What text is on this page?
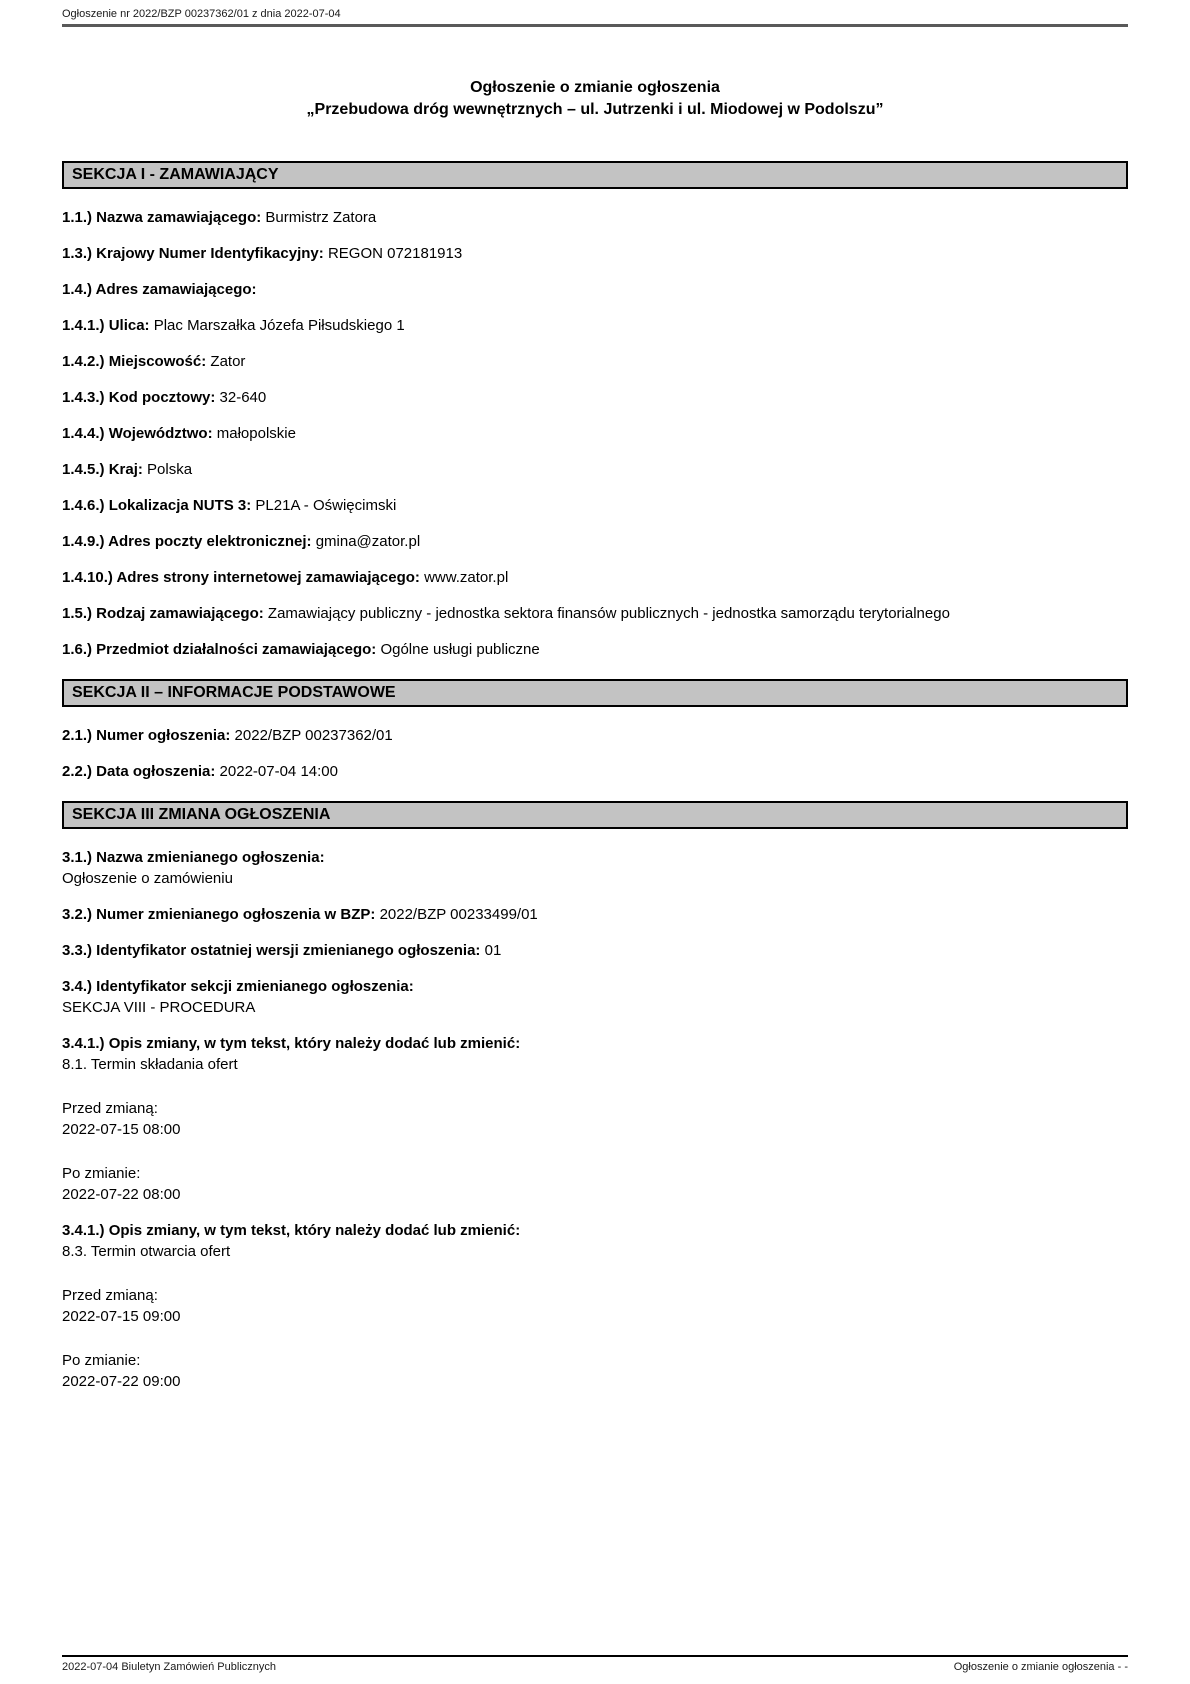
Ogłoszenie nr 2022/BZP 00237362/01 z dnia 2022-07-04
Ogłoszenie o zmianie ogłoszenia
„Przebudowa dróg wewnętrznych – ul. Jutrzenki i ul. Miodowej w Podolszu”
SEKCJA I - ZAMAWIAJĄCY
1.1.) Nazwa zamawiającego: Burmistrz Zatora
1.3.) Krajowy Numer Identyfikacyjny: REGON 072181913
1.4.) Adres zamawiającego:
1.4.1.) Ulica: Plac Marszałka Józefa Piłsudskiego 1
1.4.2.) Miejscowość: Zator
1.4.3.) Kod pocztowy: 32-640
1.4.4.) Województwo: małopolskie
1.4.5.) Kraj: Polska
1.4.6.) Lokalizacja NUTS 3: PL21A - Oświęcimski
1.4.9.) Adres poczty elektronicznej: gmina@zator.pl
1.4.10.) Adres strony internetowej zamawiającego: www.zator.pl
1.5.) Rodzaj zamawiającego: Zamawiający publiczny - jednostka sektora finansów publicznych - jednostka samorządu terytorialnego
1.6.) Przedmiot działalności zamawiającego: Ogólne usługi publiczne
SEKCJA II – INFORMACJE PODSTAWOWE
2.1.) Numer ogłoszenia: 2022/BZP 00237362/01
2.2.) Data ogłoszenia: 2022-07-04 14:00
SEKCJA III ZMIANA OGŁOSZENIA
3.1.) Nazwa zmienianego ogłoszenia:
Ogłoszenie o zamówieniu
3.2.) Numer zmienianego ogłoszenia w BZP: 2022/BZP 00233499/01
3.3.) Identyfikator ostatniej wersji zmienianego ogłoszenia: 01
3.4.) Identyfikator sekcji zmienianego ogłoszenia:
SEKCJA VIII - PROCEDURA
3.4.1.) Opis zmiany, w tym tekst, który należy dodać lub zmienić:
8.1. Termin składania ofert
Przed zmianą:
2022-07-15 08:00
Po zmianie:
2022-07-22 08:00
3.4.1.) Opis zmiany, w tym tekst, który należy dodać lub zmienić:
8.3. Termin otwarcia ofert
Przed zmianą:
2022-07-15 09:00
Po zmianie:
2022-07-22 09:00
2022-07-04 Biuletyn Zamówień Publicznych	Ogłoszenie o zmianie ogłoszenia - -
